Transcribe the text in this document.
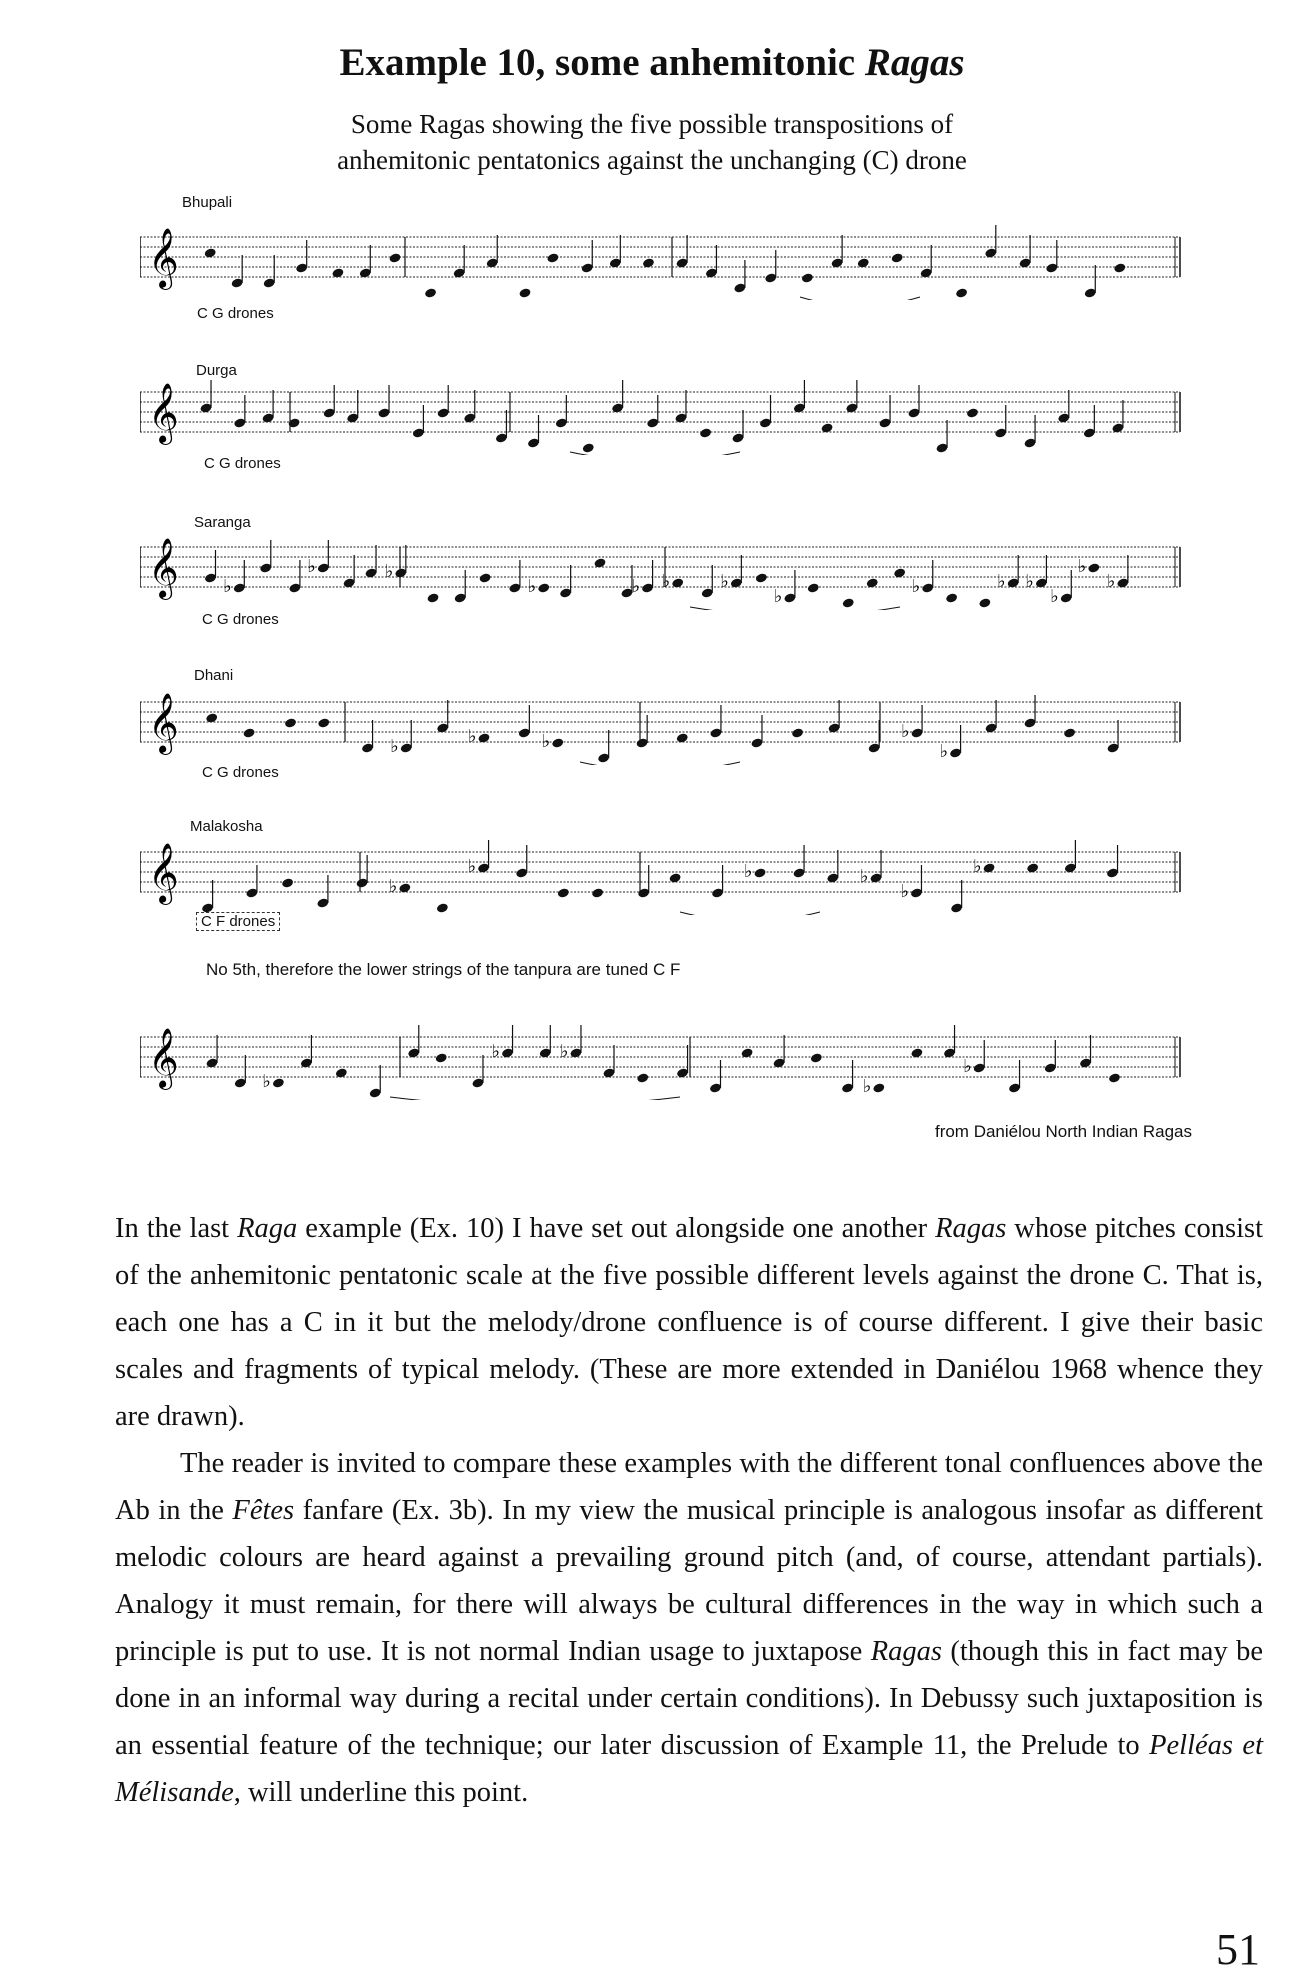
Example 10, some anhemitonic Ragas
Some Ragas showing the five possible transpositions of
anhemitonic pentatonics against the unchanging (C) drone
Bhupali
C G drones
𝄞
Durga
C G drones
𝄞
Saranga
C G drones
𝄞 ♭
♭	♭
♭	♭ ♭	♭
♭	♭	♭ ♭
♭
♭
♭
Dhani
C G drones
𝄞	♭	♭	♭	♭
♭
Malakosha
C F drones
𝄞	♭
♭	♭	♭
♭
♭
No 5th, therefore the lower strings of the tanpura are tuned C F
𝄞	♭
♭	♭
♭
♭
from Daniélou North Indian Ragas

In the last Raga example (Ex. 10) I have set out alongside one another Ragas whose pitches consist of the anhemitonic pentatonic scale at the five possible different levels against the drone C. That is, each one has a C in it but the melody/drone confluence is of course different. I give their basic scales and fragments of typical melody. (These are more extended in Daniélou 1968 whence they are drawn).

The reader is invited to compare these examples with the different tonal confluences above the Ab in the Fêtes fanfare (Ex. 3b). In my view the musical principle is analogous insofar as different melodic colours are heard against a prevailing ground pitch (and, of course, attendant partials). Analogy it must remain, for there will always be cultural differences in the way in which such a principle is put to use. It is not normal Indian usage to juxtapose Ragas (though this in fact may be done in an informal way during a recital under certain conditions). In Debussy such juxtaposition is an essential feature of the technique; our later discussion of Example 11, the Prelude to Pelléas et Mélisande, will underline this point.

51
